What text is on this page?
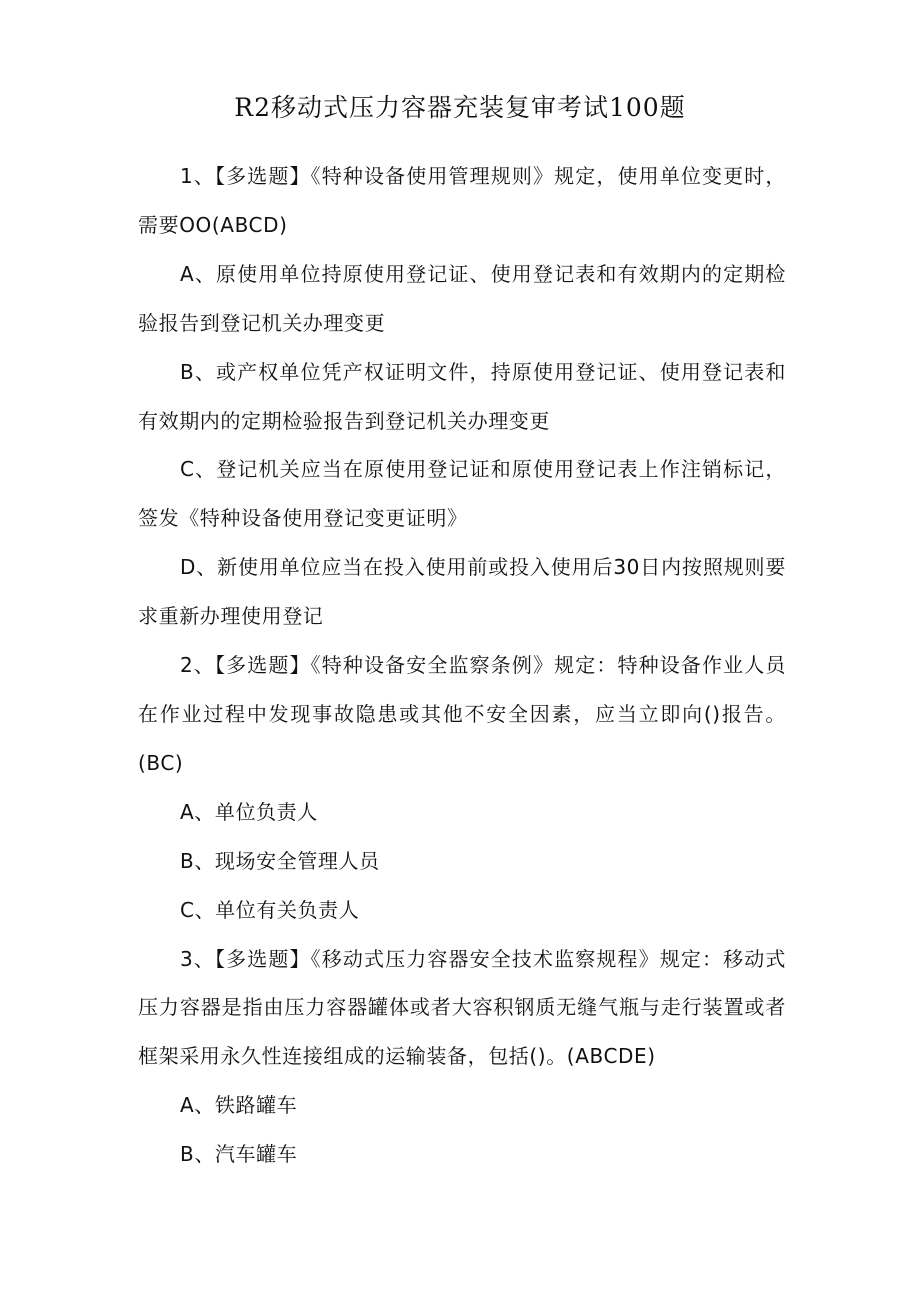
R2移动式压力容器充装复审考试100题

1、【多选题】《特种设备使用管理规则》规定，使用单位变更时，需要OO(ABCD)

A、原使用单位持原使用登记证、使用登记表和有效期内的定期检验报告到登记机关办理变更

B、或产权单位凭产权证明文件，持原使用登记证、使用登记表和有效期内的定期检验报告到登记机关办理变更

C、登记机关应当在原使用登记证和原使用登记表上作注销标记，签发《特种设备使用登记变更证明》

D、新使用单位应当在投入使用前或投入使用后30日内按照规则要求重新办理使用登记

2、【多选题】《特种设备安全监察条例》规定：特种设备作业人员在作业过程中发现事故隐患或其他不安全因素，应当立即向()报告。(BC)

A、单位负责人

B、现场安全管理人员

C、单位有关负责人

3、【多选题】《移动式压力容器安全技术监察规程》规定：移动式压力容器是指由压力容器罐体或者大容积钢质无缝气瓶与走行装置或者框架采用永久性连接组成的运输装备，包括()。(ABCDE)

A、铁路罐车

B、汽车罐车
